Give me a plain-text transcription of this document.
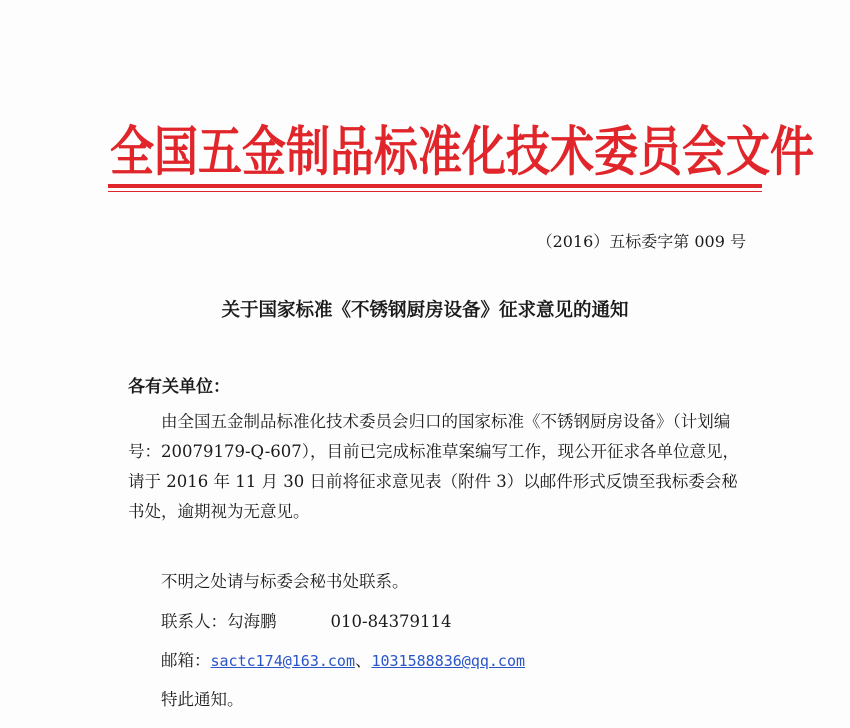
全国五金制品标准化技术委员会文件
（2016）五标委字第 009 号
关于国家标准《不锈钢厨房设备》征求意见的通知
各有关单位：
由全国五金制品标准化技术委员会归口的国家标准《不锈钢厨房设备》（计划编号：20079179-Q-607），目前已完成标准草案编写工作，现公开征求各单位意见，请于 2016 年 11 月 30 日前将征求意见表（附件 3）以邮件形式反馈至我标委会秘书处，逾期视为无意见。
不明之处请与标委会秘书处联系。
联系人：勾海鹏	010-84379114
邮箱：sactc174@163.com、1031588836@qq.com
特此通知。
